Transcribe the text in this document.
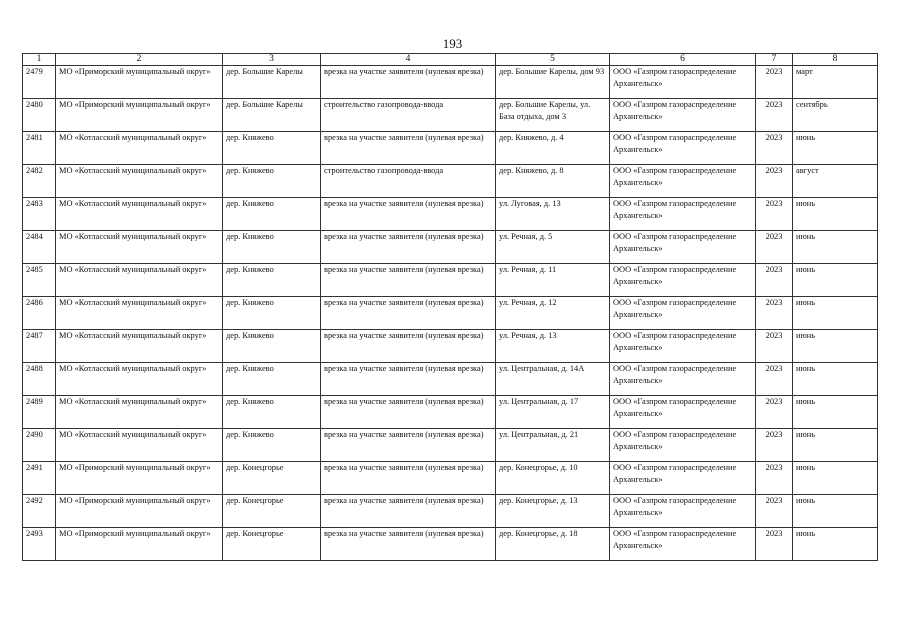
193
1	2	3	4	5	6	7	8
2479	МО «Приморский муниципальный округ»	дер. Большие Карелы	врезка на участке заявителя (нулевая врезка)	дер. Большие Карелы, дом 93	ООО «Газпром газораспределение Архангельск»	2023	март
2480	МО «Приморский муниципальный округ»	дер. Большие Карелы	строительство газопровода-ввода	дер. Большие Карелы, ул. База отдыха, дом 3	ООО «Газпром газораспределение Архангельск»	2023	сентябрь
2481	МО «Котласский муниципальный округ»	дер. Княжево	врезка на участке заявителя (нулевая врезка)	дер. Княжево, д. 4	ООО «Газпром газораспределение Архангельск»	2023	июнь
2482	МО «Котласский муниципальный округ»	дер. Княжево	строительство газопровода-ввода	дер. Княжево, д. 8	ООО «Газпром газораспределение Архангельск»	2023	август
2483	МО «Котласский муниципальный округ»	дер. Княжево	врезка на участке заявителя (нулевая врезка)	ул. Луговая, д. 13	ООО «Газпром газораспределение Архангельск»	2023	июнь
2484	МО «Котласский муниципальный округ»	дер. Княжево	врезка на участке заявителя (нулевая врезка)	ул. Речная, д. 5	ООО «Газпром газораспределение Архангельск»	2023	июнь
2485	МО «Котласский муниципальный округ»	дер. Княжево	врезка на участке заявителя (нулевая врезка)	ул. Речная, д. 11	ООО «Газпром газораспределение Архангельск»	2023	июнь
2486	МО «Котласский муниципальный округ»	дер. Княжево	врезка на участке заявителя (нулевая врезка)	ул. Речная, д. 12	ООО «Газпром газораспределение Архангельск»	2023	июнь
2487	МО «Котласский муниципальный округ»	дер. Княжево	врезка на участке заявителя (нулевая врезка)	ул. Речная, д. 13	ООО «Газпром газораспределение Архангельск»	2023	июнь
2488	МО «Котласский муниципальный округ»	дер. Княжево	врезка на участке заявителя (нулевая врезка)	ул. Центральная, д. 14А	ООО «Газпром газораспределение Архангельск»	2023	июнь
2489	МО «Котласский муниципальный округ»	дер. Княжево	врезка на участке заявителя (нулевая врезка)	ул. Центральная, д. 17	ООО «Газпром газораспределение Архангельск»	2023	июнь
2490	МО «Котласский муниципальный округ»	дер. Княжево	врезка на участке заявителя (нулевая врезка)	ул. Центральная, д. 21	ООО «Газпром газораспределение Архангельск»	2023	июнь
2491	МО «Приморский муниципальный округ»	дер. Конецгорье	врезка на участке заявителя (нулевая врезка)	дер. Конецгорье, д. 10	ООО «Газпром газораспределение Архангельск»	2023	июнь
2492	МО «Приморский муниципальный округ»	дер. Конецгорье	врезка на участке заявителя (нулевая врезка)	дер. Конецгорье, д. 13	ООО «Газпром газораспределение Архангельск»	2023	июнь
2493	МО «Приморский муниципальный округ»	дер. Конецгорье	врезка на участке заявителя (нулевая врезка)	дер. Конецгорье, д. 18	ООО «Газпром газораспределение Архангельск»	2023	июнь
